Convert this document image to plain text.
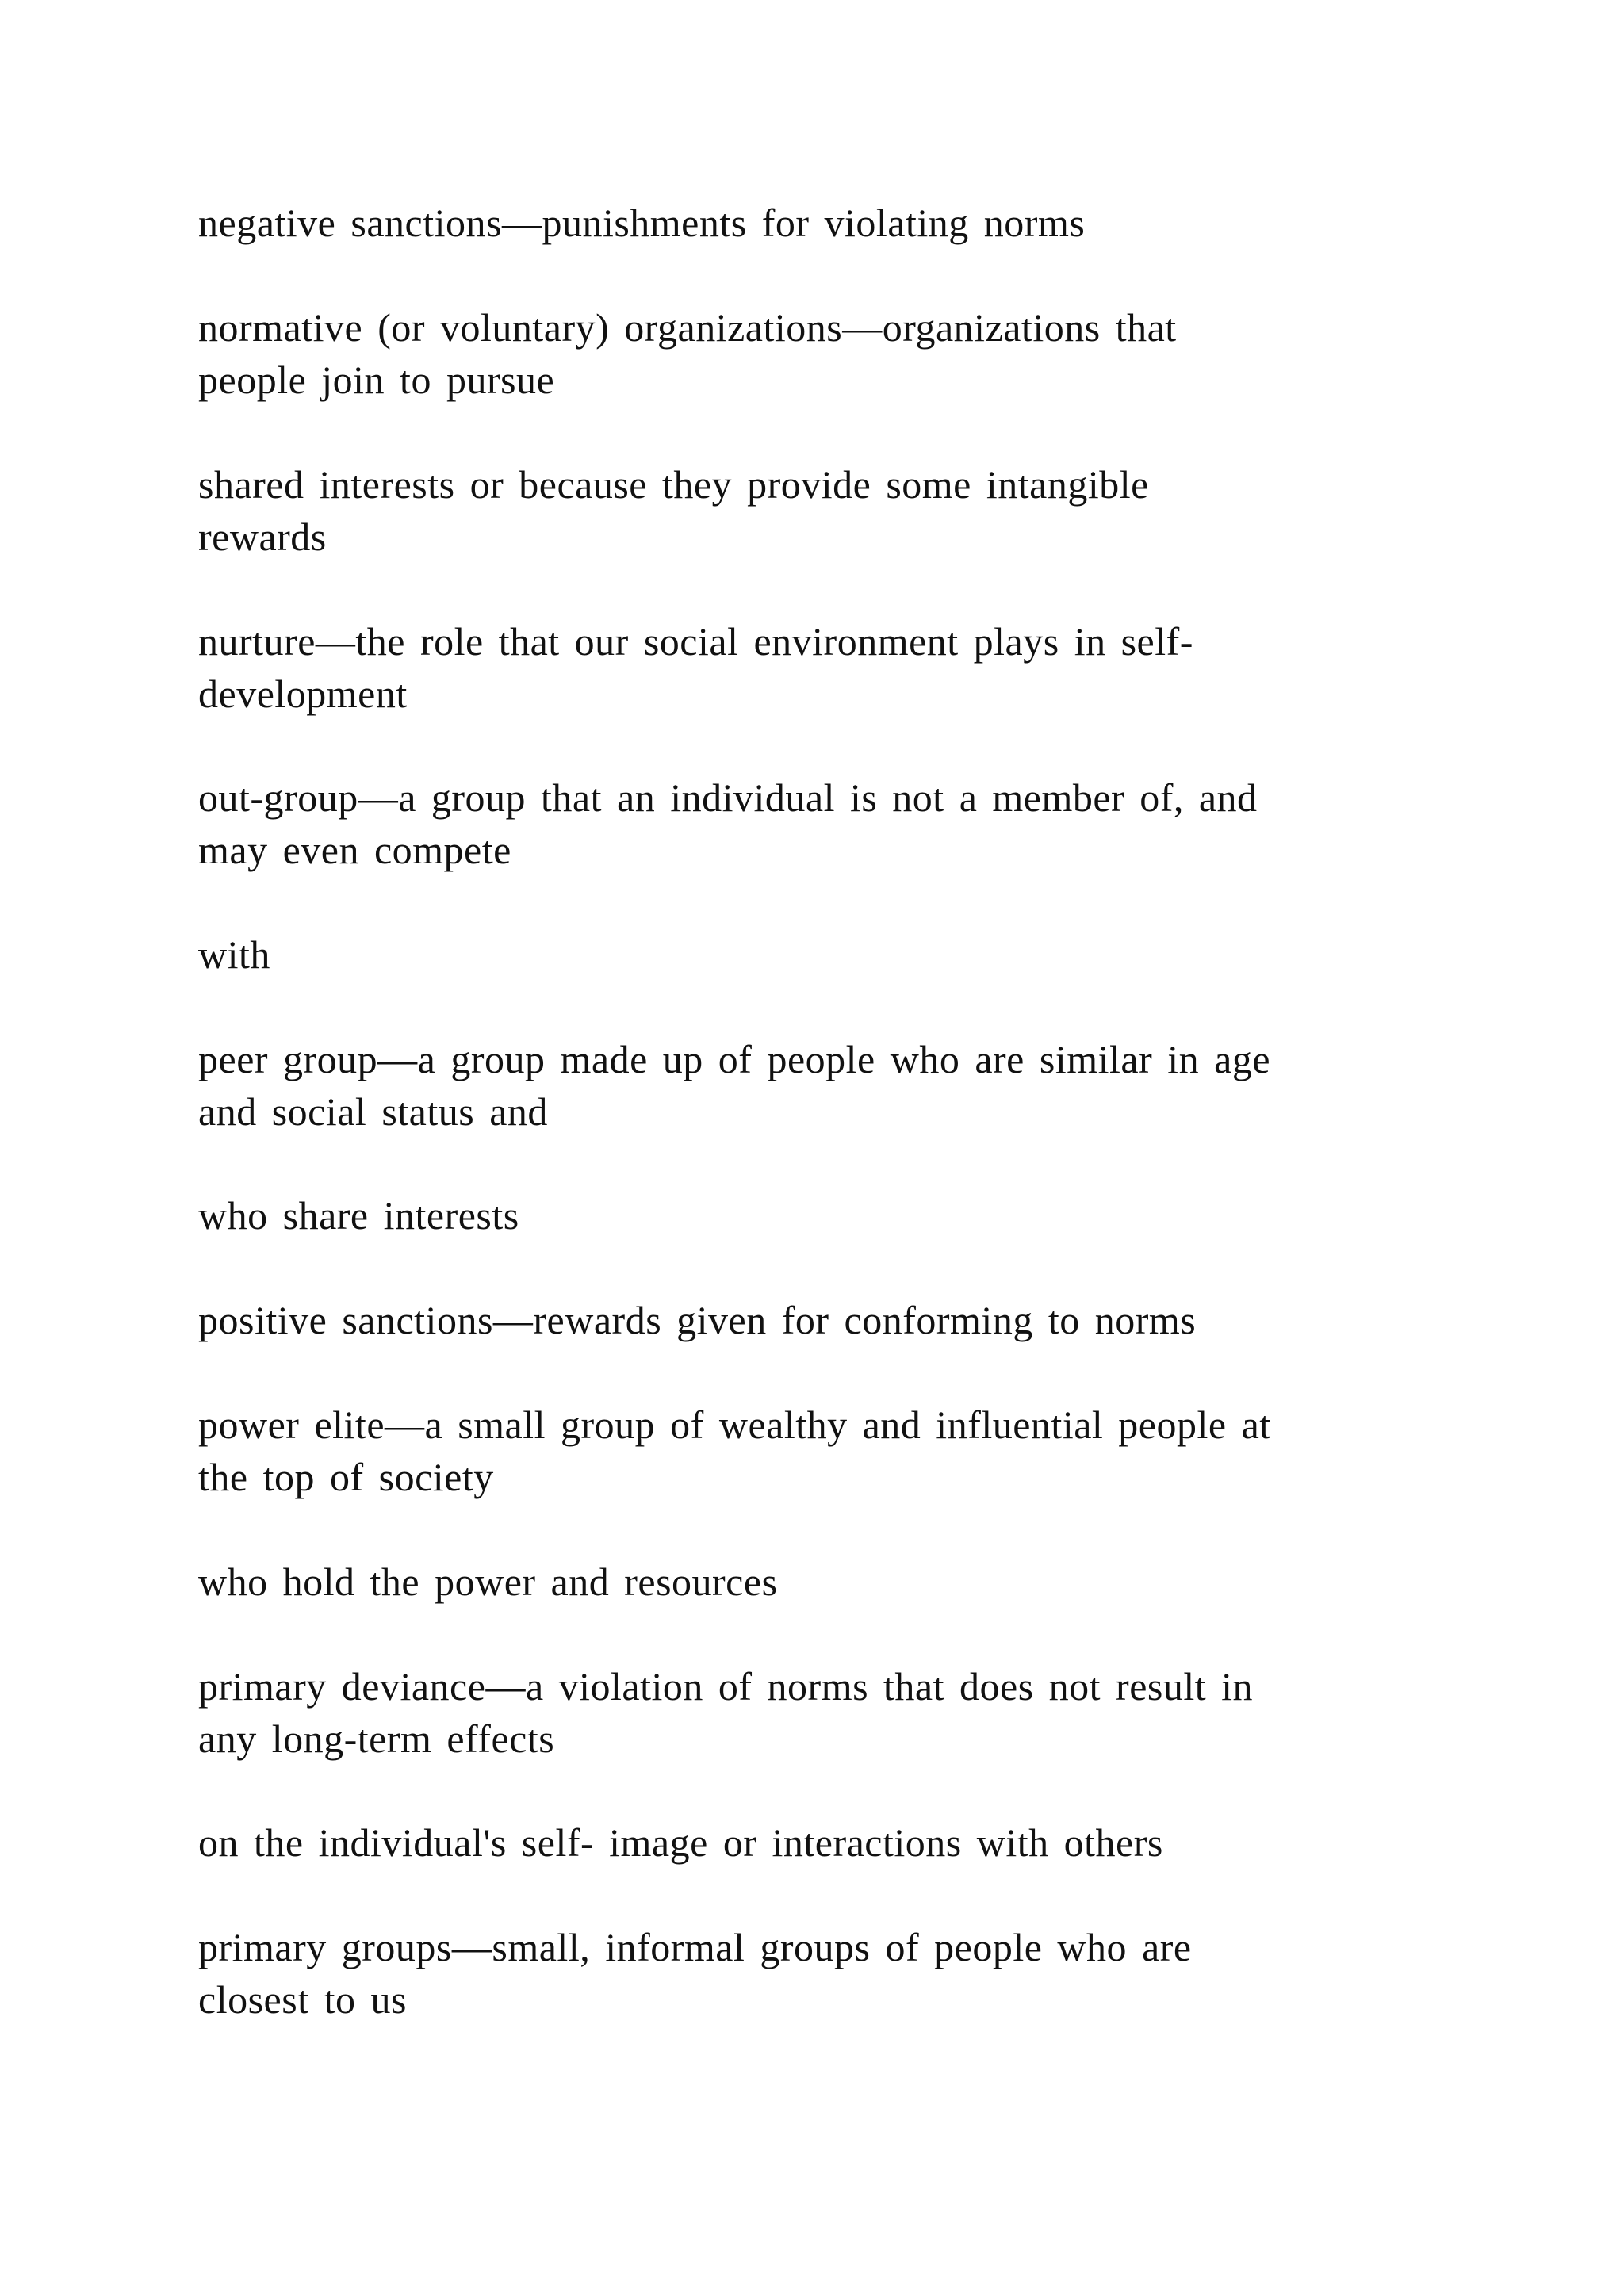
negative sanctions—punishments for violating norms

normative (or voluntary) organizations—organizations that
people join to pursue

shared interests or because they provide some intangible
rewards

nurture—the role that our social environment plays in self-
development

out-group—a group that an individual is not a member of, and
may even compete

with

peer group—a group made up of people who are similar in age
and social status and

who share interests

positive sanctions—rewards given for conforming to norms

power elite—a small group of wealthy and influential people at
the top of society

who hold the power and resources

primary deviance—a violation of norms that does not result in
any long-term effects

on the individual's self- image or interactions with others

primary groups—small, informal groups of people who are
closest to us
